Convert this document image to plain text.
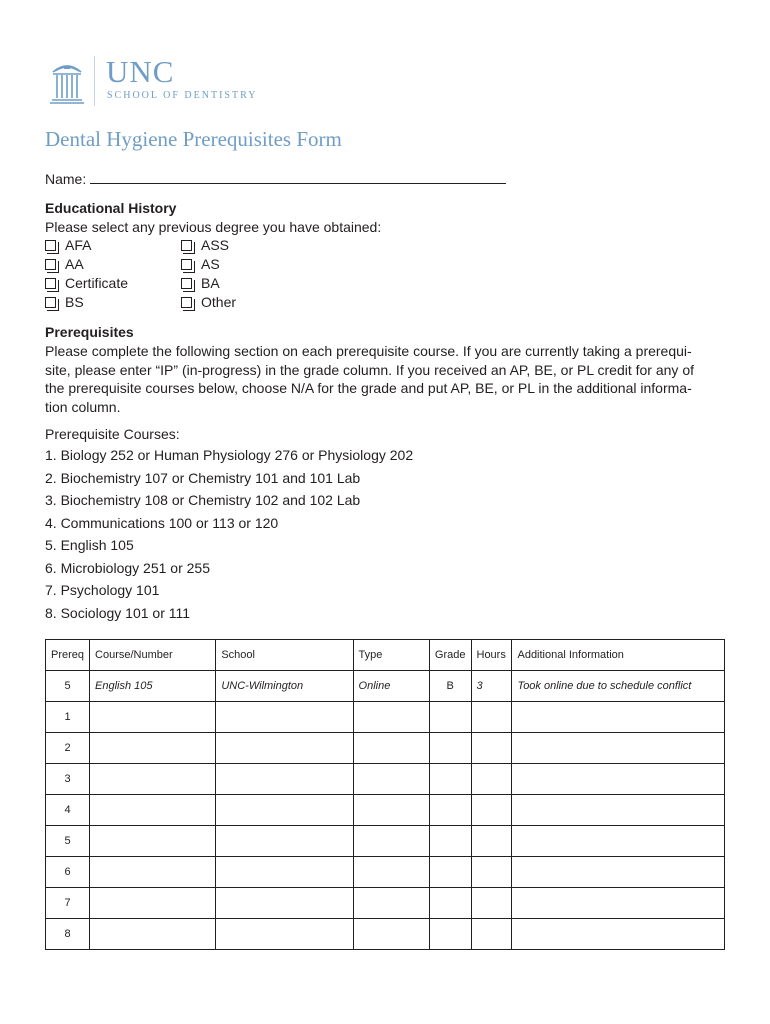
UNC
SCHOOL OF DENTISTRY
Dental Hygiene Prerequisites Form
Name:
Educational History
Please select any previous degree you have obtained:
AFA	ASS
AA	AS
Certificate	BA
BS	Other
Prerequisites
Please complete the following section on each prerequisite course. If you are currently taking a prerequi-
site, please enter “IP” (in-progress) in the grade column. If you received an AP, BE, or PL credit for any of
the prerequisite courses below, choose N/A for the grade and put AP, BE, or PL in the additional informa-
tion column.
Prerequisite Courses:
1. Biology 252 or Human Physiology 276 or Physiology 202
2. Biochemistry 107 or Chemistry 101 and 101 Lab
3. Biochemistry 108 or Chemistry 102 and 102 Lab
4. Communications 100 or 113 or 120
5. English 105
6. Microbiology 251 or 255
7. Psychology 101
8. Sociology 101 or 111
Prereq	Course/Number	School	Type	Grade	Hours	Additional Information
5	English 105	UNC-Wilmington	Online	B	3	Took online due to schedule conflict
1						
2						
3						
4						
5						
6						
7						
8						
